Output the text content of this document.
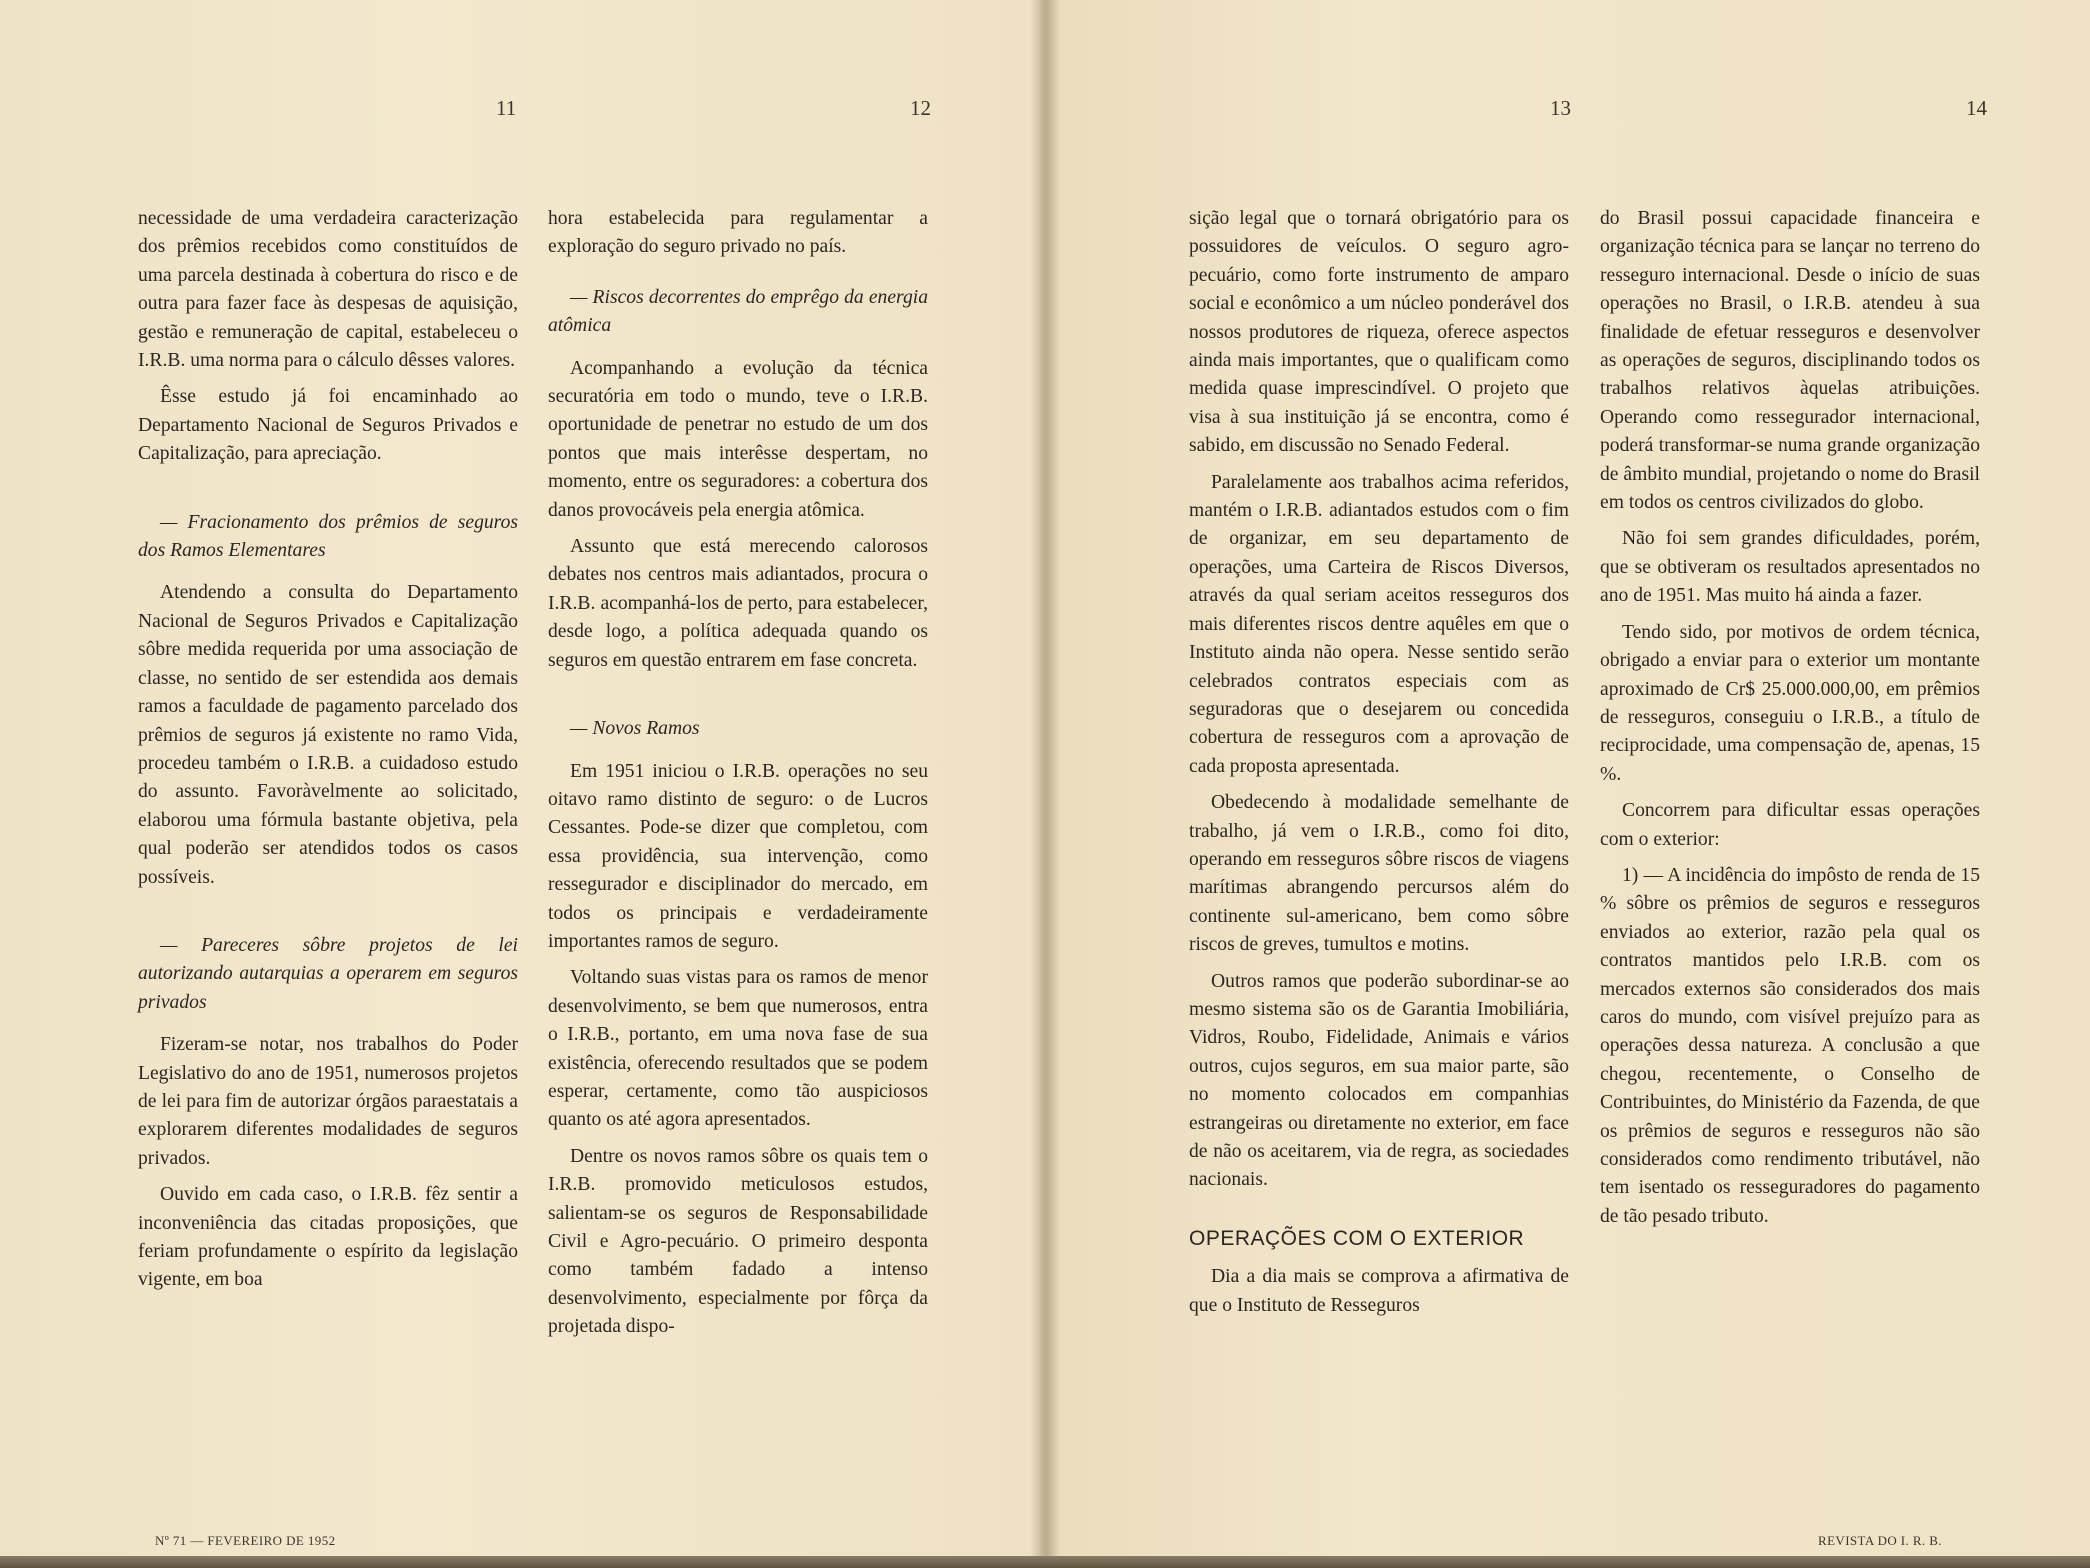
11	12	13	14

necessidade de uma verdadeira caracterização dos prêmios recebidos como constituídos de uma parcela destinada à cobertura do risco e de outra para fazer face às despesas de aquisição, gestão e remuneração de capital, estabeleceu o I.R.B. uma norma para o cálculo dêsses valores.

Êsse estudo já foi encaminhado ao Departamento Nacional de Seguros Privados e Capitalização, para apreciação.

— Fracionamento dos prêmios de seguros dos Ramos Elementares

Atendendo a consulta do Departamento Nacional de Seguros Privados e Capitalização sôbre medida requerida por uma associação de classe, no sentido de ser estendida aos demais ramos a faculdade de pagamento parcelado dos prêmios de seguros já existente no ramo Vida, procedeu também o I.R.B. a cuidadoso estudo do assunto. Favoràvelmente ao solicitado, elaborou uma fórmula bastante objetiva, pela qual poderão ser atendidos todos os casos possíveis.

— Pareceres sôbre projetos de lei autorizando autarquias a operarem em seguros privados

Fizeram-se notar, nos trabalhos do Poder Legislativo do ano de 1951, numerosos projetos de lei para fim de autorizar órgãos paraestatais a explorarem diferentes modalidades de seguros privados.

Ouvido em cada caso, o I.R.B. fêz sentir a inconveniência das citadas proposições, que feriam profundamente o espírito da legislação vigente, em boa

hora estabelecida para regulamentar a exploração do seguro privado no país.

— Riscos decorrentes do emprêgo da energia atômica

Acompanhando a evolução da técnica securatória em todo o mundo, teve o I.R.B. oportunidade de penetrar no estudo de um dos pontos que mais interêsse despertam, no momento, entre os seguradores: a cobertura dos danos provocáveis pela energia atômica.

Assunto que está merecendo calorosos debates nos centros mais adiantados, procura o I.R.B. acompanhá-los de perto, para estabelecer, desde logo, a política adequada quando os seguros em questão entrarem em fase concreta.

— Novos Ramos

Em 1951 iniciou o I.R.B. operações no seu oitavo ramo distinto de seguro: o de Lucros Cessantes. Pode-se dizer que completou, com essa providência, sua intervenção, como ressegurador e disciplinador do mercado, em todos os principais e verdadeiramente importantes ramos de seguro.

Voltando suas vistas para os ramos de menor desenvolvimento, se bem que numerosos, entra o I.R.B., portanto, em uma nova fase de sua existência, oferecendo resultados que se podem esperar, certamente, como tão auspiciosos quanto os até agora apresentados.

Dentre os novos ramos sôbre os quais tem o I.R.B. promovido meticulosos estudos, salientam-se os seguros de Responsabilidade Civil e Agro-pecuário. O primeiro desponta como também fadado a intenso desenvolvimento, especialmente por fôrça da projetada dispo-

sição legal que o tornará obrigatório para os possuidores de veículos. O seguro agro-pecuário, como forte instrumento de amparo social e econômico a um núcleo ponderável dos nossos produtores de riqueza, oferece aspectos ainda mais importantes, que o qualificam como medida quase imprescindível. O projeto que visa à sua instituição já se encontra, como é sabido, em discussão no Senado Federal.

Paralelamente aos trabalhos acima referidos, mantém o I.R.B. adiantados estudos com o fim de organizar, em seu departamento de operações, uma Carteira de Riscos Diversos, através da qual seriam aceitos resseguros dos mais diferentes riscos dentre aquêles em que o Instituto ainda não opera. Nesse sentido serão celebrados contratos especiais com as seguradoras que o desejarem ou concedida cobertura de resseguros com a aprovação de cada proposta apresentada.

Obedecendo à modalidade semelhante de trabalho, já vem o I.R.B., como foi dito, operando em resseguros sôbre riscos de viagens marítimas abrangendo percursos além do continente sul-americano, bem como sôbre riscos de greves, tumultos e motins.

Outros ramos que poderão subordinar-se ao mesmo sistema são os de Garantia Imobiliária, Vidros, Roubo, Fidelidade, Animais e vários outros, cujos seguros, em sua maior parte, são no momento colocados em companhias estrangeiras ou diretamente no exterior, em face de não os aceitarem, via de regra, as sociedades nacionais.

OPERAÇÕES COM O EXTERIOR

Dia a dia mais se comprova a afirmativa de que o Instituto de Resseguros

do Brasil possui capacidade financeira e organização técnica para se lançar no terreno do resseguro internacional. Desde o início de suas operações no Brasil, o I.R.B. atendeu à sua finalidade de efetuar resseguros e desenvolver as operações de seguros, disciplinando todos os trabalhos relativos àquelas atribuições. Operando como ressegurador internacional, poderá transformar-se numa grande organização de âmbito mundial, projetando o nome do Brasil em todos os centros civilizados do globo.

Não foi sem grandes dificuldades, porém, que se obtiveram os resultados apresentados no ano de 1951. Mas muito há ainda a fazer.

Tendo sido, por motivos de ordem técnica, obrigado a enviar para o exterior um montante aproximado de Cr$ 25.000.000,00, em prêmios de resseguros, conseguiu o I.R.B., a título de reciprocidade, uma compensação de, apenas, 15 %.

Concorrem para dificultar essas operações com o exterior:

1) — A incidência do impôsto de renda de 15 % sôbre os prêmios de seguros e resseguros enviados ao exterior, razão pela qual os contratos mantidos pelo I.R.B. com os mercados externos são considerados dos mais caros do mundo, com visível prejuízo para as operações dessa natureza. A conclusão a que chegou, recentemente, o Conselho de Contribuintes, do Ministério da Fazenda, de que os prêmios de seguros e resseguros não são considerados como rendimento tributável, não tem isentado os resseguradores do pagamento de tão pesado tributo.

Nº 71 — FEVEREIRO DE 1952	REVISTA DO I. R. B.
